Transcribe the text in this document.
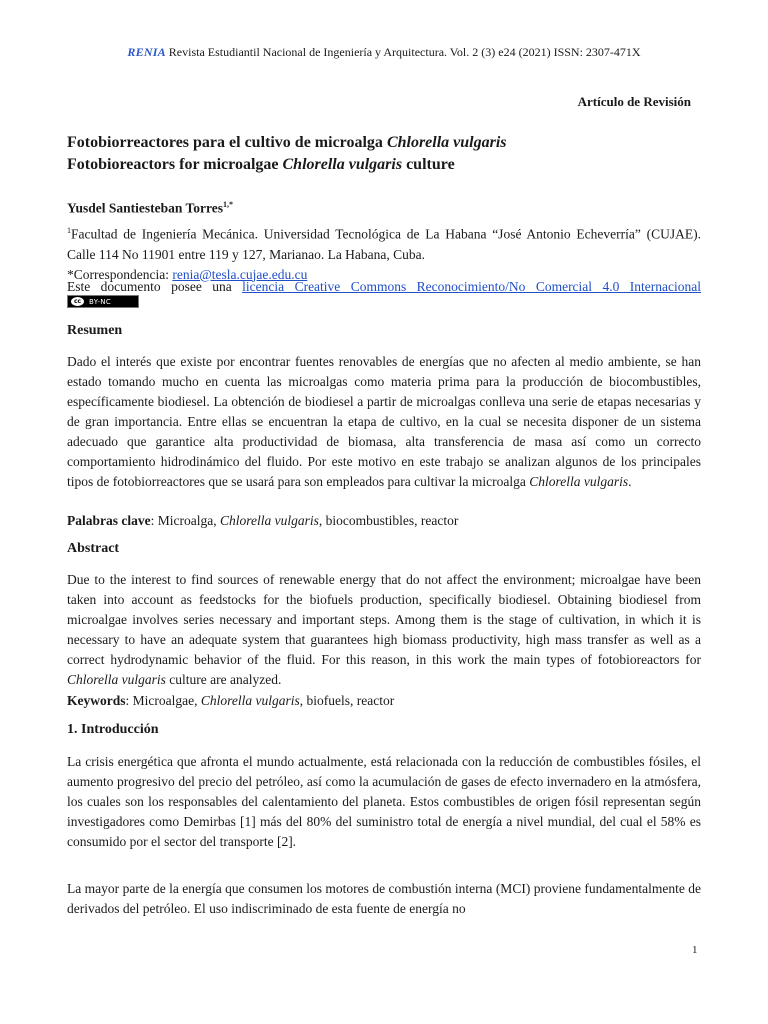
RENIA Revista Estudiantil Nacional de Ingeniería y Arquitectura. Vol. 2 (3) e24 (2021) ISSN: 2307-471X
Artículo de Revisión
Fotobiorreactores para el cultivo de microalga Chlorella vulgaris
Fotobioreactors for microalgae Chlorella vulgaris culture
Yusdel Santiesteban Torres$^{1,*}$
$^1$Facultad de Ingeniería Mecánica. Universidad Tecnológica de La Habana “José Antonio Echeverría” (CUJAE). Calle 114 No 11901 entre 119 y 127, Marianao. La Habana, Cuba.
*Correspondencia: renia@tesla.cujae.edu.cu
Este documento posee una licencia Creative Commons Reconocimiento/No Comercial 4.0 Internacional
cc	BY-NC
Resumen

Dado el interés que existe por encontrar fuentes renovables de energías que no afecten al medio ambiente, se han estado tomando mucho en cuenta las microalgas como materia prima para la producción de biocombustibles, específicamente biodiesel. La obtención de biodiesel a partir de microalgas conlleva una serie de etapas necesarias y de gran importancia. Entre ellas se encuentran la etapa de cultivo, en la cual se necesita disponer de un sistema adecuado que garantice alta productividad de biomasa, alta transferencia de masa así como un correcto comportamiento hidrodinámico del fluido. Por este motivo en este trabajo se analizan algunos de los principales tipos de fotobiorreactores que se usará para son empleados para cultivar la microalga Chlorella vulgaris.

Palabras clave: Microalga, Chlorella vulgaris, biocombustibles, reactor

Abstract

Due to the interest to find sources of renewable energy that do not affect the environment; microalgae have been taken into account as feedstocks for the biofuels production, specifically biodiesel. Obtaining biodiesel from microalgae involves series necessary and important steps. Among them is the stage of cultivation, in which it is necessary to have an adequate system that guarantees high biomass productivity, high mass transfer as well as a correct hydrodynamic behavior of the fluid. For this reason, in this work the main types of fotobioreactors for Chlorella vulgaris culture are analyzed.

Keywords: Microalgae, Chlorella vulgaris, biofuels, reactor

1. Introducción

La crisis energética que afronta el mundo actualmente, está relacionada con la reducción de combustibles fósiles, el aumento progresivo del precio del petróleo, así como la acumulación de gases de efecto invernadero en la atmósfera, los cuales son los responsables del calentamiento del planeta. Estos combustibles de origen fósil representan según investigadores como Demirbas [1] más del 80% del suministro total de energía a nivel mundial, del cual el 58% es consumido por el sector del transporte [2].

La mayor parte de la energía que consumen los motores de combustión interna (MCI) proviene fundamentalmente de derivados del petróleo. El uso indiscriminado de esta fuente de energía no

1
